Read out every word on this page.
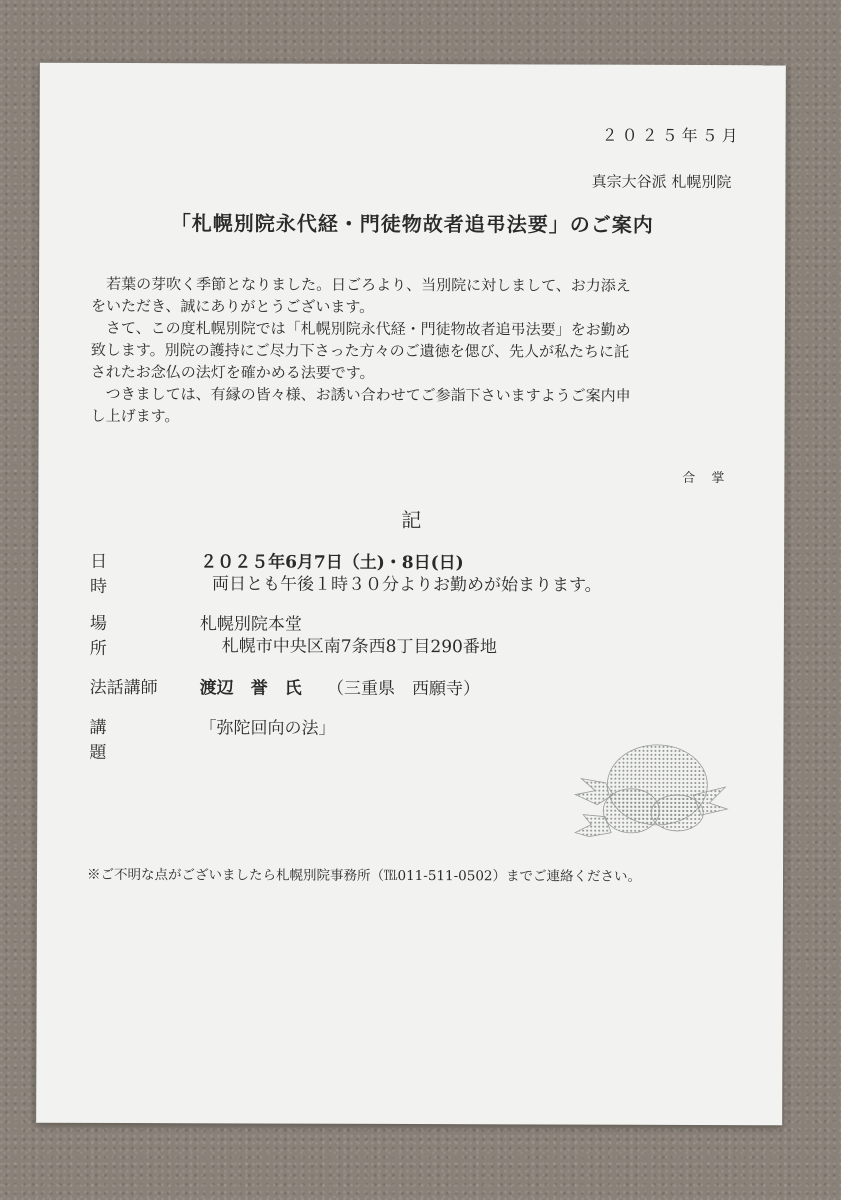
２０２５年５月
真宗大谷派 札幌別院
「札幌別院永代経・門徒物故者追弔法要」のご案内

若葉の芽吹く季節となりました。日ごろより、当別院に対しまして、お力添え

をいただき、誠にありがとうございます。

さて、この度札幌別院では「札幌別院永代経・門徒物故者追弔法要」をお勤め

致します。別院の護持にご尽力下さった方々のご遺徳を偲び、先人が私たちに託

されたお念仏の法灯を確かめる法要です。

つきましては、有縁の皆々様、お誘い合わせてご参詣下さいますようご案内申

し上げます。

合 掌
記
日 時
２０２５年6月7日（土)・8日(日)
両日とも午後１時３０分よりお勤めが始まります。
場 所
札幌別院本堂
札幌市中央区南7条西8丁目290番地
法話講師 渡辺　誉　氏 （三重県　西願寺）
講 題
「弥陀回向の法」
※ご不明な点がございましたら札幌別院事務所（℡011-511-0502）までご連絡ください。
